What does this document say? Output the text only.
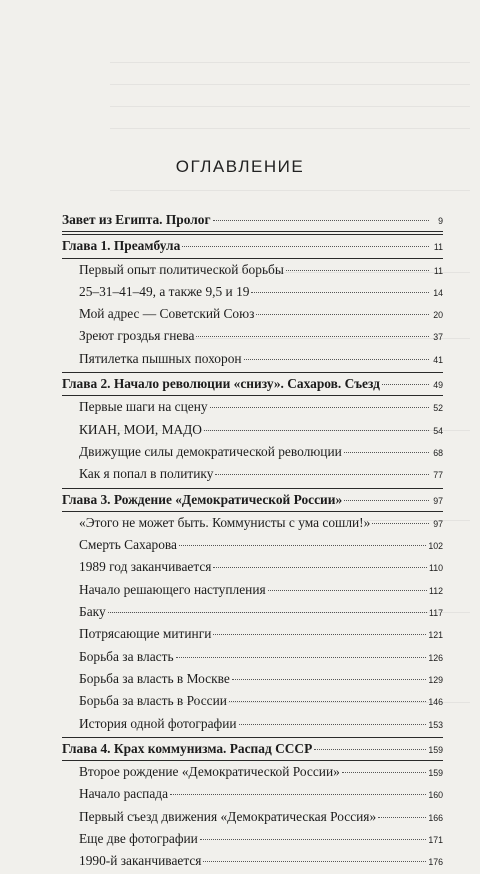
ОГЛАВЛЕНИЕ
Завет из Египта. Пролог	9
Глава 1. Преамбула	11
Первый опыт политической борьбы	11
25–31–41–49, а также 9,5 и 19	14
Мой адрес — Советский Союз	20
Зреют гроздья гнева	37
Пятилетка пышных похорон	41
Глава 2. Начало революции «снизу». Сахаров. Съезд	49
Первые шаги на сцену	52
КИАН, МОИ, МАДО	54
Движущие силы демократической революции	68
Как я попал в политику	77
Глава 3. Рождение «Демократической России»	97
«Этого не может быть. Коммунисты с ума сошли!»	97
Смерть Сахарова	102
1989 год заканчивается	110
Начало решающего наступления	112
Баку	117
Потрясающие митинги	121
Борьба за власть	126
Борьба за власть в Москве	129
Борьба за власть в России	146
История одной фотографии	153
Глава 4. Крах коммунизма. Распад СССР	159
Второе рождение «Демократической России»	159
Начало распада	160
Первый съезд движения «Демократическая Россия»	166
Еще две фотографии	171
1990-й заканчивается	176
